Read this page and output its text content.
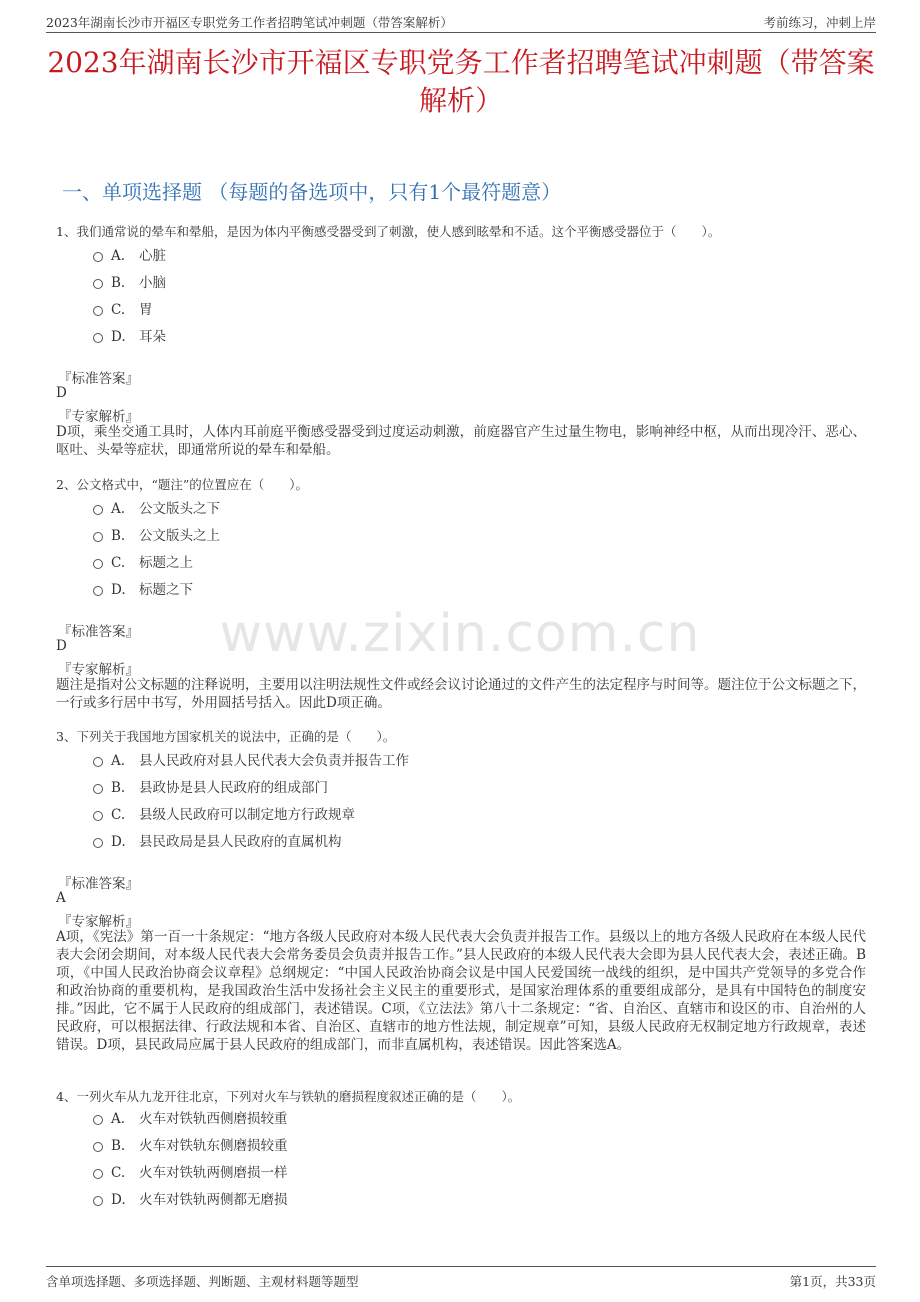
2023年湖南长沙市开福区专职党务工作者招聘笔试冲刺题（带答案解析）	考前练习，冲刺上岸
2023年湖南长沙市开福区专职党务工作者招聘笔试冲刺题（带答案解析）
一、单项选择题 （每题的备选项中，只有1个最符题意）
www.zixin.com.cn
1、我们通常说的晕车和晕船，是因为体内平衡感受器受到了刺激，使人感到眩晕和不适。这个平衡感受器位于（　　）。
A. 心脏
B. 小脑
C. 胃
D. 耳朵
『标准答案』
D
『专家解析』
D项，乘坐交通工具时，人体内耳前庭平衡感受器受到过度运动刺激，前庭器官产生过量生物电，影响神经中枢，从而出现冷汗、恶心、呕吐、头晕等症状，即通常所说的晕车和晕船。
2、公文格式中，“题注”的位置应在（　　）。
A. 公文版头之下
B. 公文版头之上
C. 标题之上
D. 标题之下
『标准答案』
D
『专家解析』
题注是指对公文标题的注释说明，主要用以注明法规性文件或经会议讨论通过的文件产生的法定程序与时间等。题注位于公文标题之下，一行或多行居中书写，外用圆括号括入。因此D项正确。
3、下列关于我国地方国家机关的说法中，正确的是（　　）。
A. 县人民政府对县人民代表大会负责并报告工作
B. 县政协是县人民政府的组成部门
C. 县级人民政府可以制定地方行政规章
D. 县民政局是县人民政府的直属机构
『标准答案』
A
『专家解析』
A项，《宪法》第一百一十条规定：“地方各级人民政府对本级人民代表大会负责并报告工作。县级以上的地方各级人民政府在本级人民代表大会闭会期间，对本级人民代表大会常务委员会负责并报告工作。”县人民政府的本级人民代表大会即为县人民代表大会，表述正确。B项，《中国人民政治协商会议章程》总纲规定：“中国人民政治协商会议是中国人民爱国统一战线的组织，是中国共产党领导的多党合作和政治协商的重要机构，是我国政治生活中发扬社会主义民主的重要形式，是国家治理体系的重要组成部分，是具有中国特色的制度安排。”因此，它不属于人民政府的组成部门，表述错误。C项，《立法法》第八十二条规定：“省、自治区、直辖市和设区的市、自治州的人民政府，可以根据法律、行政法规和本省、自治区、直辖市的地方性法规，制定规章”可知，县级人民政府无权制定地方行政规章，表述错误。D项，县民政局应属于县人民政府的组成部门，而非直属机构，表述错误。因此答案选A。
4、一列火车从九龙开往北京，下列对火车与铁轨的磨损程度叙述正确的是（　　）。
A. 火车对铁轨西侧磨损较重
B. 火车对铁轨东侧磨损较重
C. 火车对铁轨两侧磨损一样
D. 火车对铁轨两侧都无磨损
含单项选择题、多项选择题、判断题、主观材料题等题型	第1页，共33页
